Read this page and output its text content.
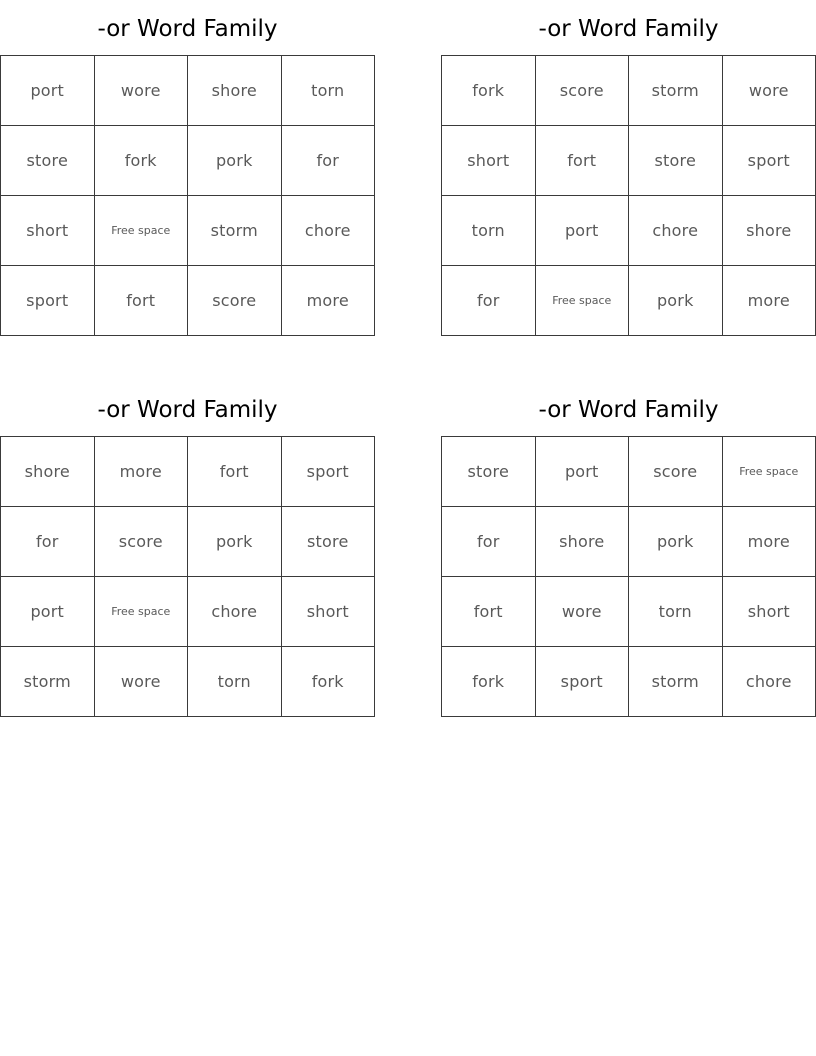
-or Word Family
port	wore	shore	torn
store	fork	pork	for
short	Free space	storm	chore
sport	fort	score	more
-or Word Family
fork	score	storm	wore
short	fort	store	sport
torn	port	chore	shore
for	Free space	pork	more
-or Word Family
shore	more	fort	sport
for	score	pork	store
port	Free space	chore	short
storm	wore	torn	fork
-or Word Family
store	port	score	Free space
for	shore	pork	more
fort	wore	torn	short
fork	sport	storm	chore
